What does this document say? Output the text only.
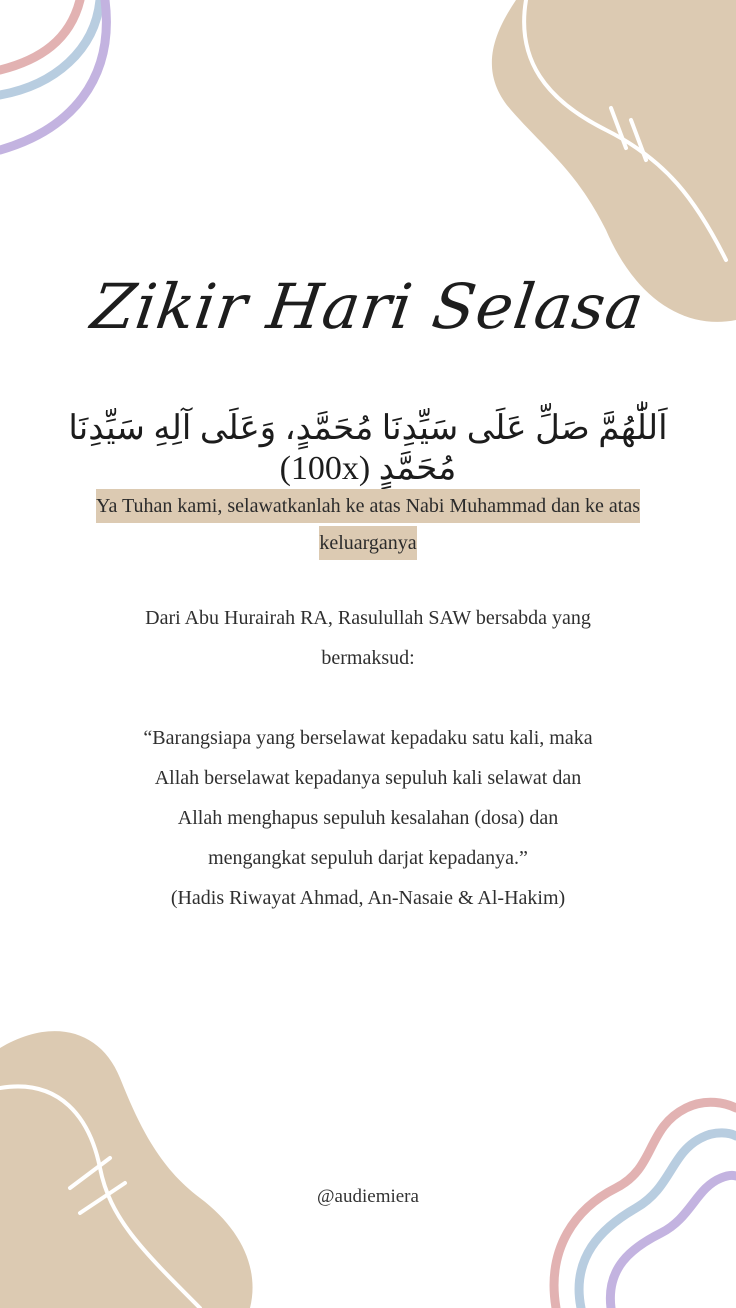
Zikir Hari Selasa
اَللّٰهُمَّ صَلِّ عَلَى سَيِّدِنَا مُحَمَّدٍ، وَعَلَى آلِهِ سَيِّدِنَا مُحَمَّدٍ (100x)
Ya Tuhan kami, selawatkanlah ke atas Nabi Muhammad dan ke atas keluarganya
Dari Abu Hurairah RA, Rasulullah SAW bersabda yang bermaksud:
“Barangsiapa yang berselawat kepadaku satu kali, maka
Allah berselawat kepadanya sepuluh kali selawat dan
Allah menghapus sepuluh kesalahan (dosa) dan
mengangkat sepuluh darjat kepadanya.”
(Hadis Riwayat Ahmad, An-Nasaie & Al-Hakim)
@audiemiera
